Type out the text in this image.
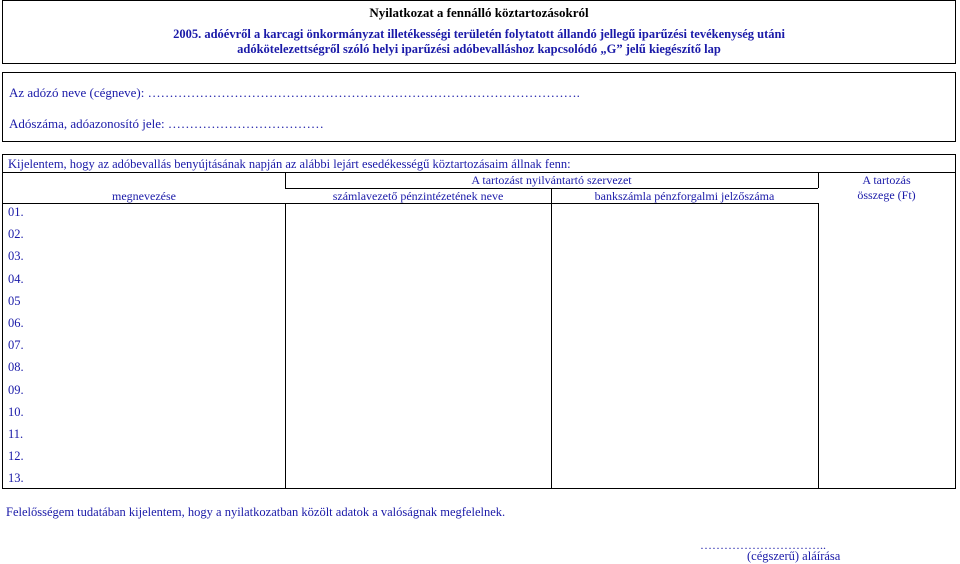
Nyilatkozat a fennálló köztartozásokról
2005. adóévről a karcagi önkormányzat illetékességi területén folytatott állandó jellegű iparűzési tevékenység utáni
adókötelezettségről szóló helyi iparűzési adóbevalláshoz kapcsolódó „G” jelű kiegészítő lap
Az adózó neve (cégneve): ……………………………………………………………………………………….
Adószáma, adóazonosító jele: ………………………………
Kijelentem, hogy az adóbevallás benyújtásának napján az alábbi lejárt esedékességű köztartozásaim állnak fenn:
A tartozást nyilvántartó szervezet
megnevezése	számlavezető pénzintézetének neve	bankszámla pénzforgalmi jelzőszáma
A tartozás
összege (Ft)
01.
02.
03.
04.
05
06.
07.
08.
09.
10.
11.
12.
13.
Felelősségem tudatában kijelentem, hogy a nyilatkozatban közölt adatok a valóságnak megfelelnek.
…………………………..
(cégszerű) aláírása
